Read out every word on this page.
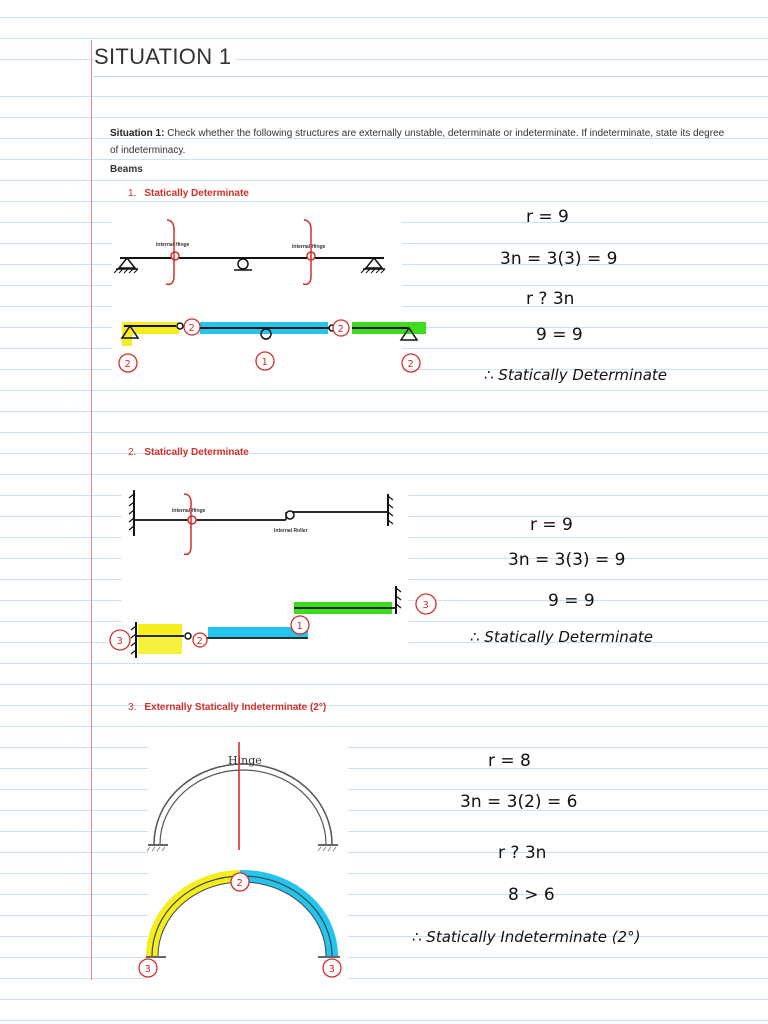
SITUATION 1
Situation 1: Check whether the following structures are externally unstable, determinate or indeterminate. If indeterminate, state its degree of indeterminacy.
Beams
1. Statically Determinate
Internal Hinge	Internal Hinge
2	2
1
2	2
r = 9
3n = 3(3) = 9
r ? 3n
9 = 9
∴ Statically Determinate
2. Statically Determinate
Internal Hinge
Internal Roller
3	2
1
3
r = 9
3n = 3(3) = 9
9 = 9
∴ Statically Determinate
3. Externally Statically Indeterminate (2°)
Hinge
2
3	3
r = 8
3n = 3(2) = 6
r ? 3n
8 > 6
∴ Statically Indeterminate (2°)
